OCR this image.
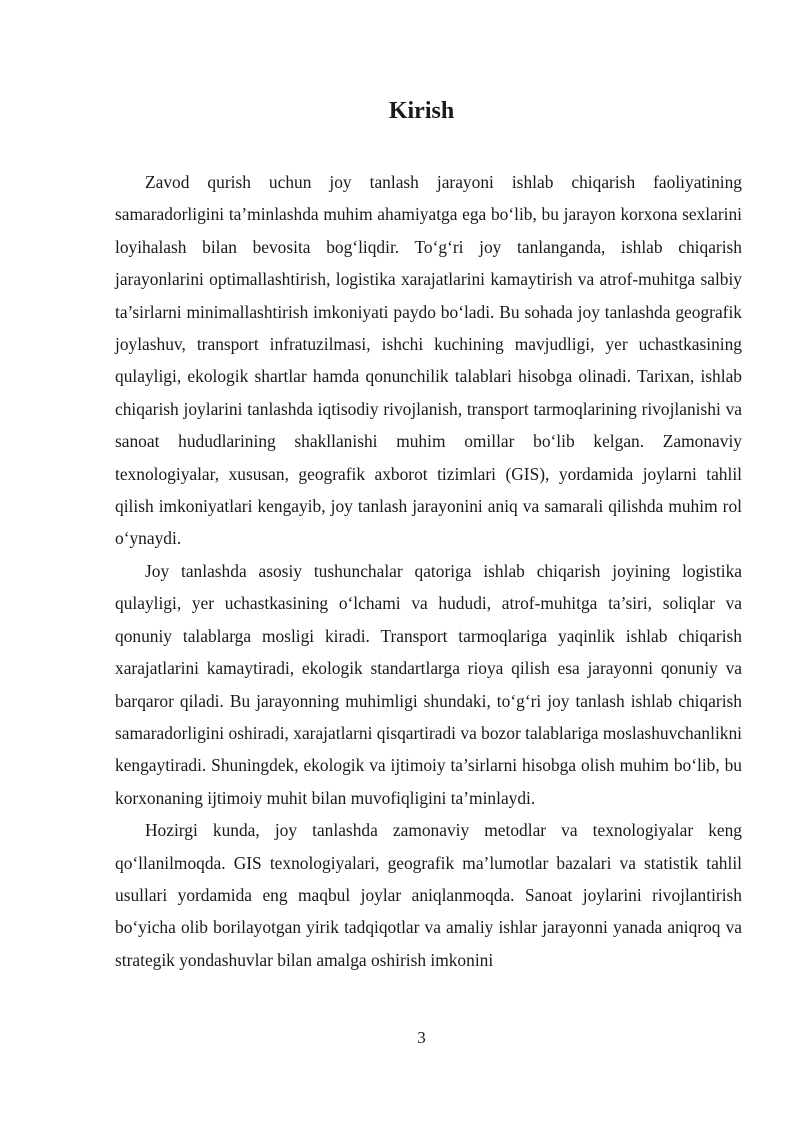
Kirish

Zavod qurish uchun joy tanlash jarayoni ishlab chiqarish faoliyatining samaradorligini ta’minlashda muhim ahamiyatga ega bo‘lib, bu jarayon korxona sexlarini loyihalash bilan bevosita bog‘liqdir. To‘g‘ri joy tanlanganda, ishlab chiqarish jarayonlarini optimallashtirish, logistika xarajatlarini kamaytirish va atrof-muhitga salbiy ta’sirlarni minimallashtirish imkoniyati paydo bo‘ladi. Bu sohada joy tanlashda geografik joylashuv, transport infratuzilmasi, ishchi kuchining mavjudligi, yer uchastkasining qulayligi, ekologik shartlar hamda qonunchilik talablari hisobga olinadi. Tarixan, ishlab chiqarish joylarini tanlashda iqtisodiy rivojlanish, transport tarmoqlarining rivojlanishi va sanoat hududlarining shakllanishi muhim omillar bo‘lib kelgan. Zamonaviy texnologiyalar, xususan, geografik axborot tizimlari (GIS), yordamida joylarni tahlil qilish imkoniyatlari kengayib, joy tanlash jarayonini aniq va samarali qilishda muhim rol o‘ynaydi.

Joy tanlashda asosiy tushunchalar qatoriga ishlab chiqarish joyining logistika qulayligi, yer uchastkasining o‘lchami va hududi, atrof-muhitga ta’siri, soliqlar va qonuniy talablarga mosligi kiradi. Transport tarmoqlariga yaqinlik ishlab chiqarish xarajatlarini kamaytiradi, ekologik standartlarga rioya qilish esa jarayonni qonuniy va barqaror qiladi. Bu jarayonning muhimligi shundaki, to‘g‘ri joy tanlash ishlab chiqarish samaradorligini oshiradi, xarajatlarni qisqartiradi va bozor talablariga moslashuvchanlikni kengaytiradi. Shuningdek, ekologik va ijtimoiy ta’sirlarni hisobga olish muhim bo‘lib, bu korxonaning ijtimoiy muhit bilan muvofiqligini ta’minlaydi.

Hozirgi kunda, joy tanlashda zamonaviy metodlar va texnologiyalar keng qo‘llanilmoqda. GIS texnologiyalari, geografik ma’lumotlar bazalari va statistik tahlil usullari yordamida eng maqbul joylar aniqlanmoqda. Sanoat joylarini rivojlantirish bo‘yicha olib borilayotgan yirik tadqiqotlar va amaliy ishlar jarayonni yanada aniqroq va strategik yondashuvlar bilan amalga oshirish imkonini

3
